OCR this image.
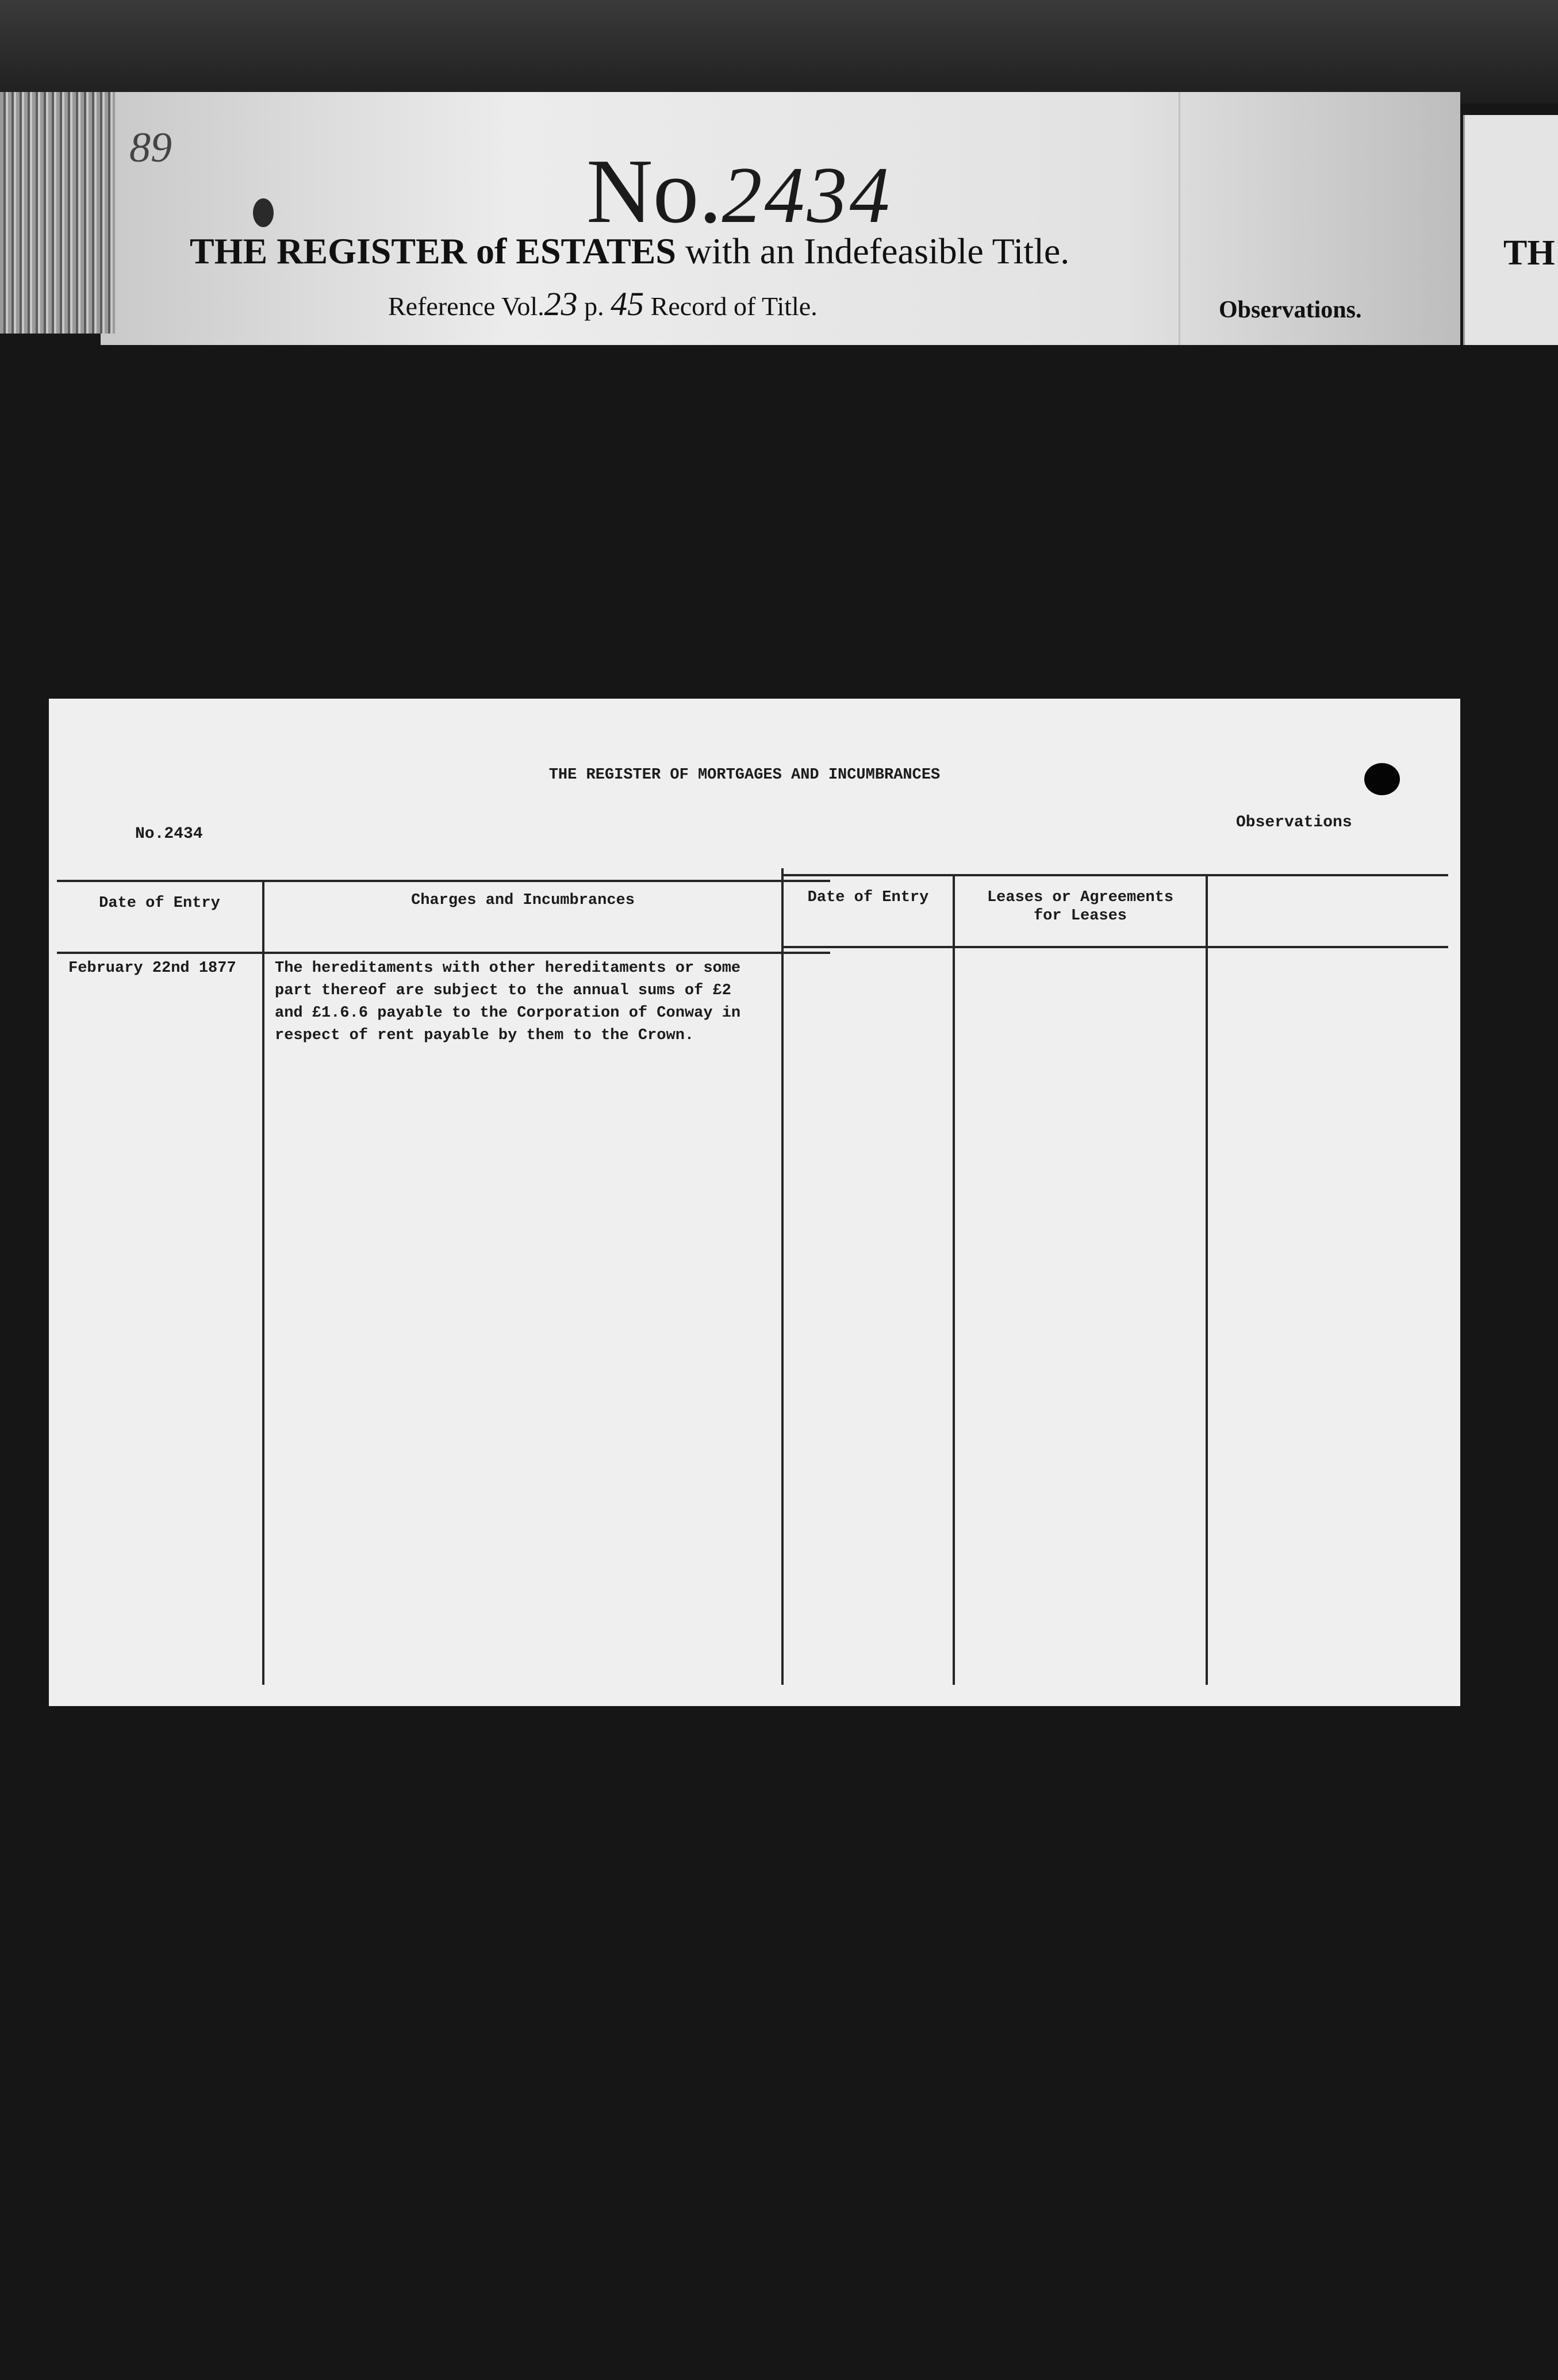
89	No.2434
THE REGISTER of ESTATES with an Indefeasible Title.
Reference Vol.23 p. 45 Record of Title.	Observations.
TH
THE REGISTER OF MORTGAGES AND INCUMBRANCES
No.2434
Observations
Date of Entry	Charges and Incumbrances	Date of Entry	Leases or Agreements
for Leases
February 22nd 1877 The hereditaments with other hereditaments or some
part thereof are subject to the annual sums of £2
and £1.6.6 payable to the Corporation of Conway in
respect of rent payable by them to the Crown.
